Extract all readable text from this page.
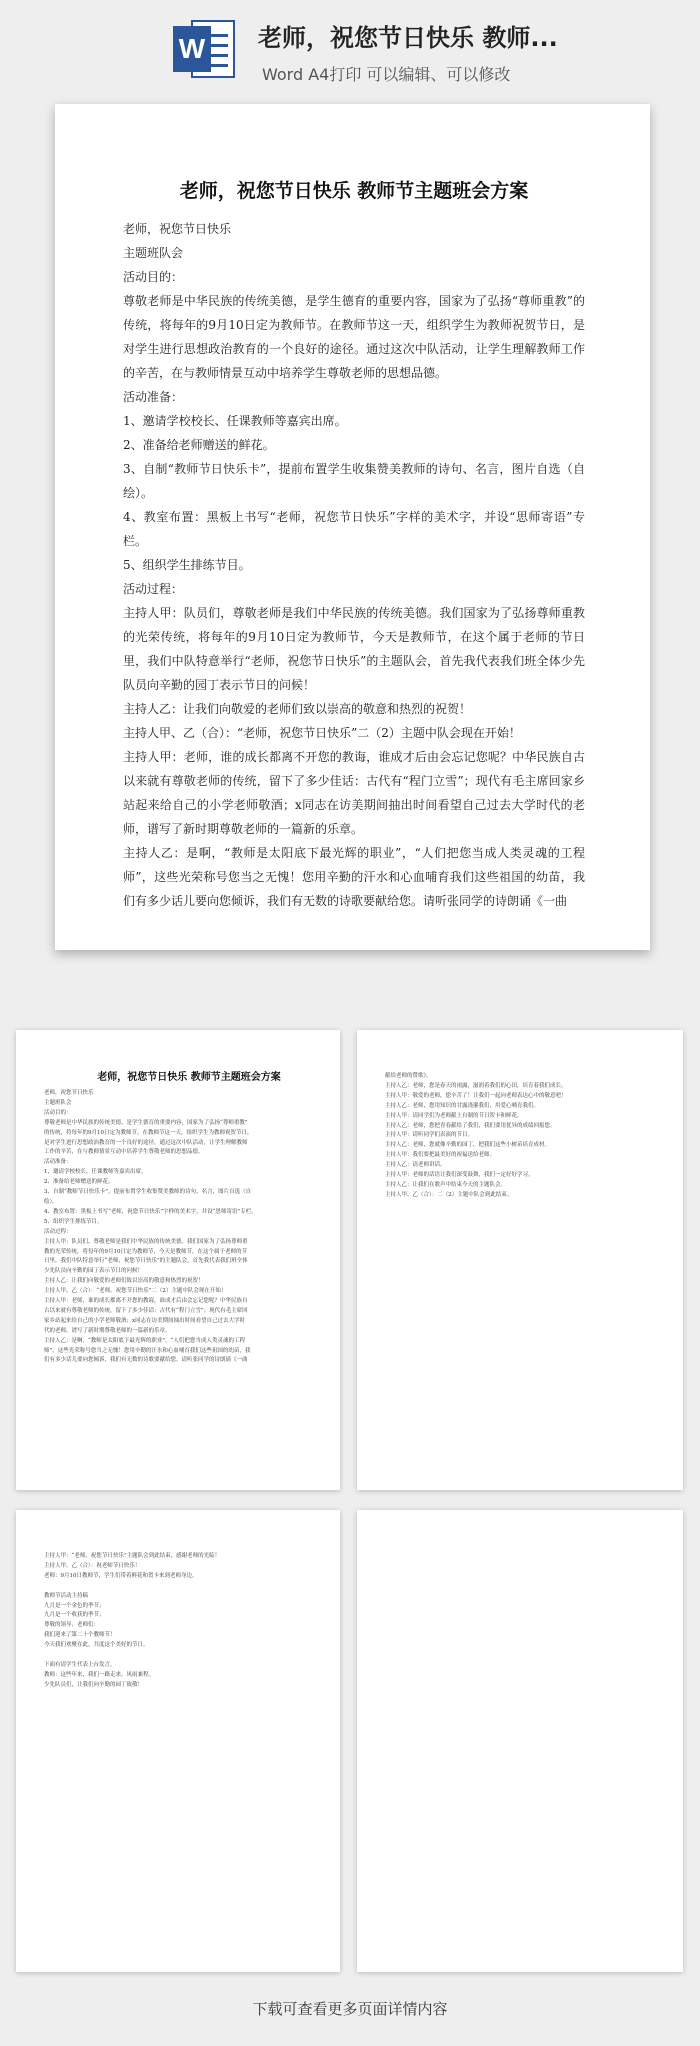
W 老师，祝您节日快乐 教师...
Word A4打印 可以编辑、可以修改
老师，祝您节日快乐 教师节主题班会方案

老师，祝您节日快乐

主题班队会

活动目的：

尊敬老师是中华民族的传统美德，是学生德育的重要内容，国家为了弘扬“尊师重教”的传统，将每年的9月10日定为教师节。在教师节这一天，组织学生为教师祝贺节日，是对学生进行思想政治教育的一个良好的途径。通过这次中队活动，让学生理解教师工作的辛苦，在与教师情景互动中培养学生尊敬老师的思想品德。

活动准备：

1、邀请学校校长、任课教师等嘉宾出席。

2、准备给老师赠送的鲜花。

3、自制“教师节日快乐卡”，提前布置学生收集赞美教师的诗句、名言，图片自选（自绘）。

4、教室布置：黑板上书写“老师，祝您节日快乐”字样的美术字，并设“思师寄语”专栏。

5、组织学生排练节目。

活动过程：

主持人甲：队员们，尊敬老师是我们中华民族的传统美德。我们国家为了弘扬尊师重教的光荣传统，将每年的9月10日定为教师节，今天是教师节，在这个属于老师的节日里，我们中队特意举行“老师，祝您节日快乐”的主题队会，首先我代表我们班全体少先队员向辛勤的园丁表示节日的问候！

主持人乙：让我们向敬爱的老师们致以崇高的敬意和热烈的祝贺！

主持人甲、乙（合）：“老师，祝您节日快乐”二（2）主题中队会现在开始！

主持人甲：老师，谁的成长都离不开您的教诲，谁成才后由会忘记您呢？中华民族自古以来就有尊敬老师的传统，留下了多少佳话：古代有“程门立雪”；现代有毛主席回家乡站起来给自己的小学老师敬酒；x同志在访美期间抽出时间看望自己过去大学时代的老师，谱写了新时期尊敬老师的一篇新的乐章。

主持人乙：是啊，“教师是太阳底下最光辉的职业”，“人们把您当成人类灵魂的工程师”，这些光荣称号您当之无愧！您用辛勤的汗水和心血哺育我们这些祖国的幼苗，我们有多少话儿要向您倾诉，我们有无数的诗歌要献给您。请听张同学的诗朗诵《一曲

老师，祝您节日快乐 教师节主题班会方案

老师，祝您节日快乐

主题班队会

活动目的：

尊敬老师是中华民族的传统美德，是学生德育的重要内容，国家为了弘扬“尊师重教”

的传统，将每年的9月10日定为教师节。在教师节这一天，组织学生为教师祝贺节日，

是对学生进行思想政治教育的一个良好的途径。通过这次中队活动，让学生理解教师

工作的辛苦，在与教师情景互动中培养学生尊敬老师的思想品德。

活动准备：

1、邀请学校校长、任课教师等嘉宾出席。

2、准备给老师赠送的鲜花。

3、自制“教师节日快乐卡”，提前布置学生收集赞美教师的诗句、名言，图片自选（自

绘）。

4、教室布置：黑板上书写“老师，祝您节日快乐”字样的美术字，并设“思师寄语”专栏。

5、组织学生排练节目。

活动过程：

主持人甲：队员们，尊敬老师是我们中华民族的传统美德。我们国家为了弘扬尊师重

教的光荣传统，将每年的9月10日定为教师节，今天是教师节，在这个属于老师的节

日里，我们中队特意举行“老师，祝您节日快乐”的主题队会，首先我代表我们班全体

少先队员向辛勤的园丁表示节日的问候！

主持人乙：让我们向敬爱的老师们致以崇高的敬意和热烈的祝贺！

主持人甲、乙（合）：“老师，祝您节日快乐”二（2）主题中队会现在开始！

主持人甲：老师，谁的成长都离不开您的教诲，谁成才后由会忘记您呢？中华民族自

古以来就有尊敬老师的传统，留下了多少佳话：古代有“程门立雪”；现代有毛主席回

家乡站起来给自己的小学老师敬酒；x同志在访美期间抽出时间看望自己过去大学时

代的老师，谱写了新时期尊敬老师的一篇新的乐章。

主持人乙：是啊，“教师是太阳底下最光辉的职业”，“人们把您当成人类灵魂的工程

师”，这些光荣称号您当之无愧！您用辛勤的汗水和心血哺育我们这些祖国的幼苗，我

们有多少话儿要向您倾诉，我们有无数的诗歌要献给您。请听张同学的诗朗诵《一曲

献给老师的赞歌》。

主持人乙：老师，您是春天的雨露，滋润着我们的心田，培育着我们成长。

主持人甲：敬爱的老师，您辛苦了！让我们一起向老师表达心中的敬意吧！

主持人乙：老师，您用知识的甘露浇灌我们，用爱心哺育我们。

主持人甲：请同学们为老师献上自制的节日贺卡和鲜花。

主持人乙：老师，您把青春献给了我们，我们要用优异的成绩回报您。

主持人甲：请听同学们表演的节目。

主持人乙：老师，您就像辛勤的园丁，把我们这些小树苗培育成材。

主持人甲：我们要把最美好的祝福送给老师。

主持人乙：请老师讲话。

主持人甲：老师的话语让我们深受鼓舞，我们一定好好学习。

主持人乙：让我们在歌声中结束今天的主题队会。

主持人甲、乙（合）：二（2）主题中队会到此结束。

主持人甲：“老师，祝您节日快乐”主题队会到此结束，感谢老师的光临！

主持人甲、乙（合）：祝老师节日快乐！

老师：9月10日教师节，学生们带着鲜花和贺卡来到老师身边。

教师节活动主持稿

九月是一个金色的季节；

九月是一个收获的季节；

尊敬的领导、老师们：

我们迎来了第二十个教师节！

今天我们欢聚在此，共度这个美好的节日。

下面有请学生代表上台发言。

教师：这些年来，我们一路走来，风雨兼程。

少先队员们，让我们向辛勤的园丁致敬！

下载可查看更多页面详情内容
